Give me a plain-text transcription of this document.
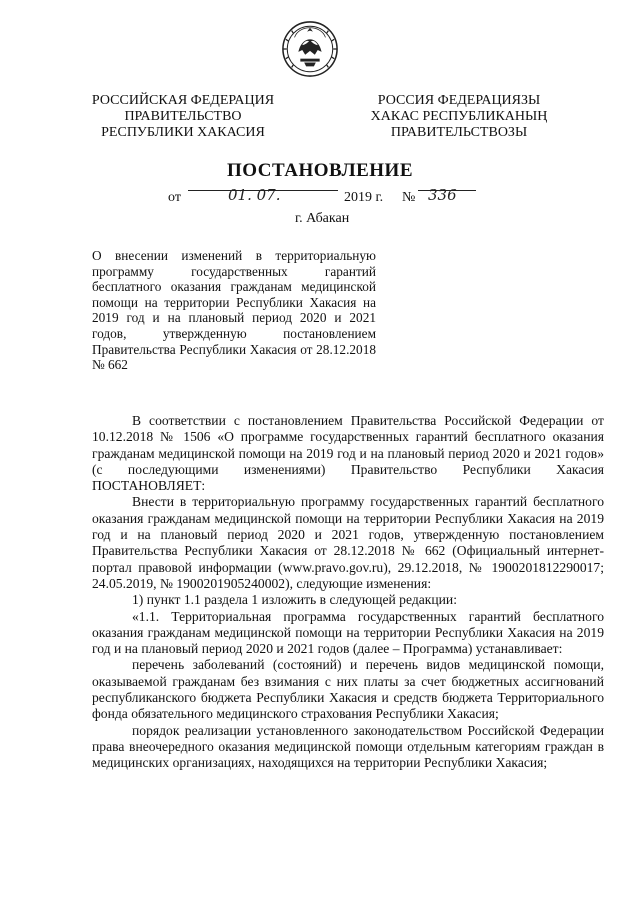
РОССИЙСКАЯ ФЕДЕРАЦИЯ
ПРАВИТЕЛЬСТВО
РЕСПУБЛИКИ ХАКАСИЯ
РОССИЯ ФЕДЕРАЦИЯЗЫ
ХАКАС РЕСПУБЛИКАНЫҢ
ПРАВИТЕЛЬСТВОЗЫ
ПОСТАНОВЛЕНИЕ
от	01. 07.	2019 г. № 336
г. Абакан
О внесении изменений в территориальную программу государственных гарантий бесплатного оказания гражданам медицинской помощи на территории Республики Хакасия на 2019 год и на плановый период 2020 и 2021 годов, утвержденную постановлением Правительства Республики Хакасия от 28.12.2018 № 662

В соответствии с постановлением Правительства Российской Федерации от 10.12.2018 № 1506 «О программе государственных гарантий бесплатного оказания гражданам медицинской помощи на 2019 год и на плановый период 2020 и 2021 годов» (с последующими изменениями) Правительство Республики Хакасия ПОСТАНОВЛЯЕТ:

Внести в территориальную программу государственных гарантий бесплатного оказания гражданам медицинской помощи на территории Республики Хакасия на 2019 год и на плановый период 2020 и 2021 годов, утвержденную постановлением Правительства Республики Хакасия от 28.12.2018 № 662 (Официальный интернет-портал правовой информации (www.pravo.gov.ru), 29.12.2018, № 1900201812290017; 24.05.2019, № 1900201905240002), следующие изменения:

1) пункт 1.1 раздела 1 изложить в следующей редакции:

«1.1. Территориальная программа государственных гарантий бесплатного оказания гражданам медицинской помощи на территории Республики Хакасия на 2019 год и на плановый период 2020 и 2021 годов (далее – Программа) устанавливает:

перечень заболеваний (состояний) и перечень видов медицинской помощи, оказываемой гражданам без взимания с них платы за счет бюджетных ассигнований республиканского бюджета Республики Хакасия и средств бюджета Территориального фонда обязательного медицинского страхования Республики Хакасия;

порядок реализации установленного законодательством Российской Федерации права внеочередного оказания медицинской помощи отдельным категориям граждан в медицинских организациях, находящихся на территории Республики Хакасия;
